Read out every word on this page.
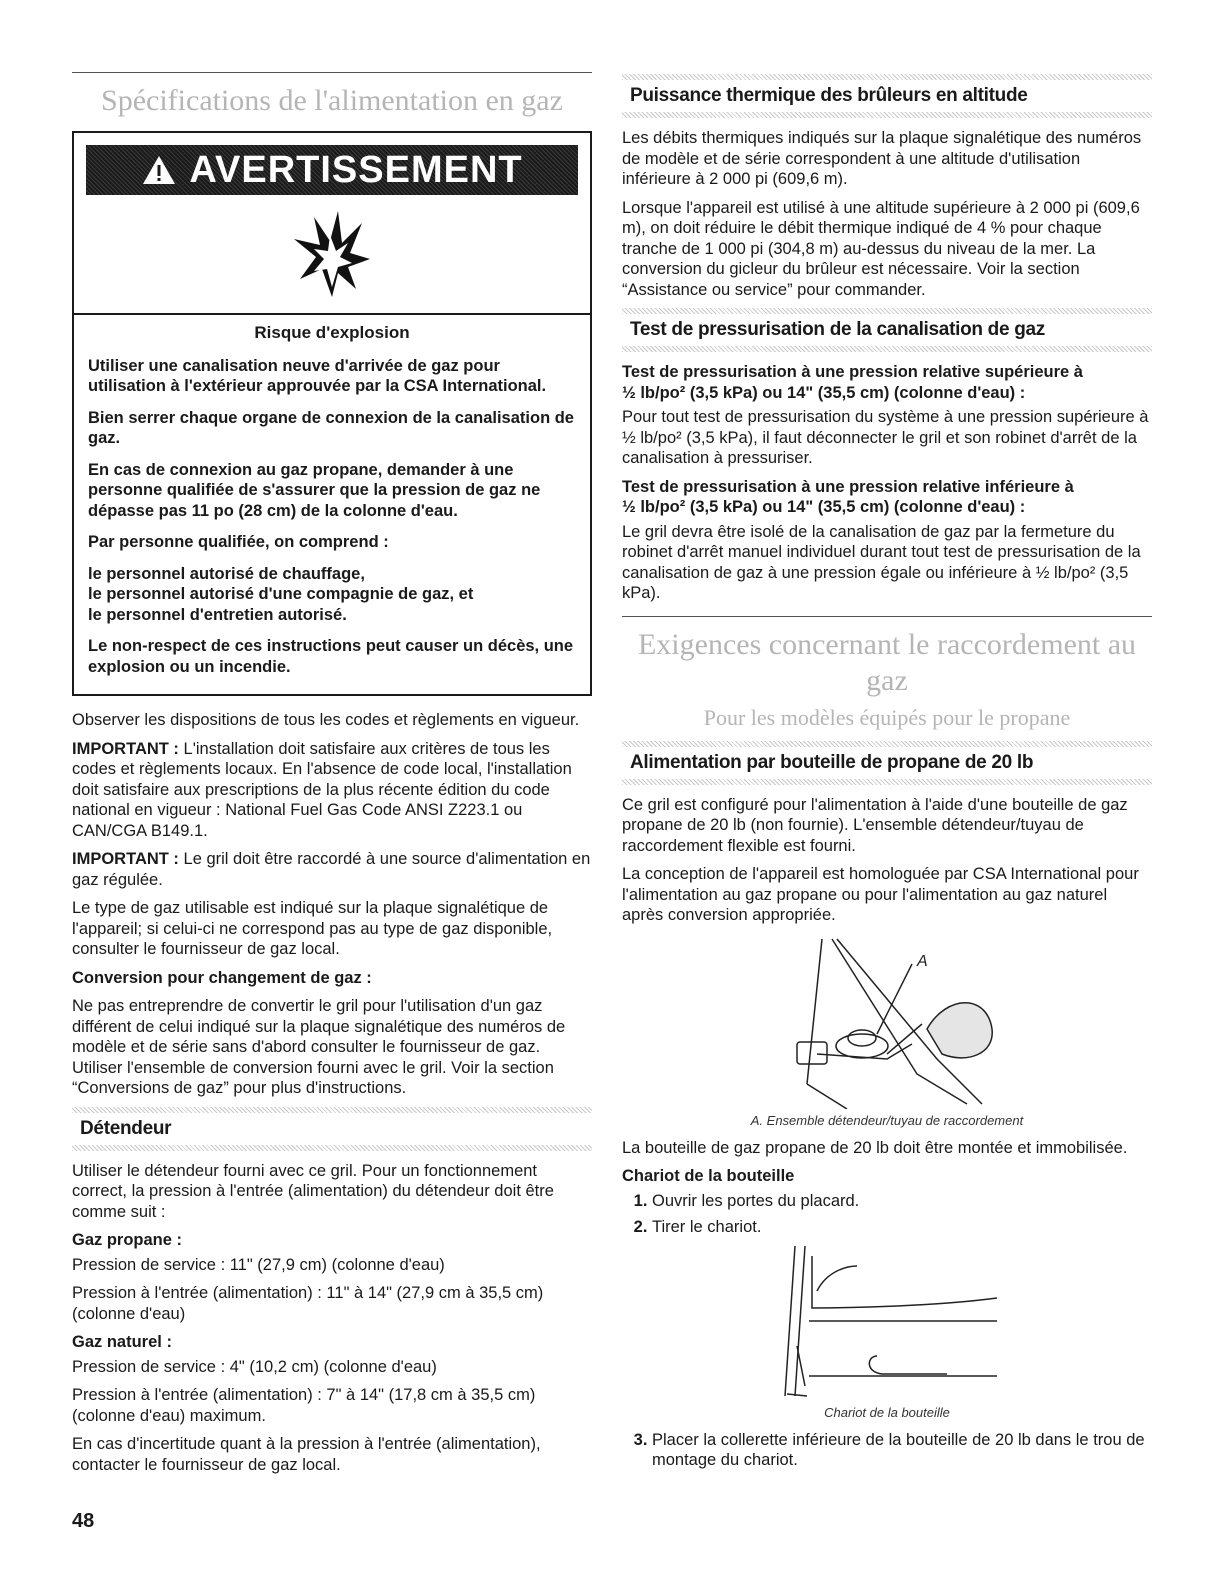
Spécifications de l'alimentation en gaz
AVERTISSEMENT

Risque d'explosion

Utiliser une canalisation neuve d'arrivée de gaz pour utilisation à l'extérieur approuvée par la CSA International.

Bien serrer chaque organe de connexion de la canalisation de gaz.

En cas de connexion au gaz propane, demander à une personne qualifiée de s'assurer que la pression de gaz ne dépasse pas 11 po (28 cm) de la colonne d'eau.

Par personne qualifiée, on comprend :

le personnel autorisé de chauffage,
le personnel autorisé d'une compagnie de gaz, et
le personnel d'entretien autorisé.

Le non-respect de ces instructions peut causer un décès, une explosion ou un incendie.

Observer les dispositions de tous les codes et règlements en vigueur.

IMPORTANT : L'installation doit satisfaire aux critères de tous les codes et règlements locaux. En l'absence de code local, l'installation doit satisfaire aux prescriptions de la plus récente édition du code national en vigueur : National Fuel Gas Code ANSI Z223.1 ou CAN/CGA B149.1.

IMPORTANT : Le gril doit être raccordé à une source d'alimentation en gaz régulée.

Le type de gaz utilisable est indiqué sur la plaque signalétique de l'appareil; si celui-ci ne correspond pas au type de gaz disponible, consulter le fournisseur de gaz local.

Conversion pour changement de gaz :

Ne pas entreprendre de convertir le gril pour l'utilisation d'un gaz différent de celui indiqué sur la plaque signalétique des numéros de modèle et de série sans d'abord consulter le fournisseur de gaz. Utiliser l'ensemble de conversion fourni avec le gril. Voir la section “Conversions de gaz” pour plus d'instructions.

Détendeur

Utiliser le détendeur fourni avec ce gril. Pour un fonctionnement correct, la pression à l'entrée (alimentation) du détendeur doit être comme suit :

Gaz propane :

Pression de service : 11" (27,9 cm) (colonne d'eau)

Pression à l'entrée (alimentation) : 11" à 14" (27,9 cm à 35,5 cm) (colonne d'eau)

Gaz naturel :

Pression de service : 4" (10,2 cm) (colonne d'eau)

Pression à l'entrée (alimentation) : 7" à 14" (17,8 cm à 35,5 cm) (colonne d'eau) maximum.

En cas d'incertitude quant à la pression à l'entrée (alimentation), contacter le fournisseur de gaz local.

48
Puissance thermique des brûleurs en altitude

Les débits thermiques indiqués sur la plaque signalétique des numéros de modèle et de série correspondent à une altitude d'utilisation inférieure à 2 000 pi (609,6 m).

Lorsque l'appareil est utilisé à une altitude supérieure à 2 000 pi (609,6 m), on doit réduire le débit thermique indiqué de 4 % pour chaque tranche de 1 000 pi (304,8 m) au-dessus du niveau de la mer. La conversion du gicleur du brûleur est nécessaire. Voir la section “Assistance ou service” pour commander.

Test de pressurisation de la canalisation de gaz

Test de pressurisation à une pression relative supérieure à
½ lb/po² (3,5 kPa) ou 14" (35,5 cm) (colonne d'eau) :

Pour tout test de pressurisation du système à une pression supérieure à ½ lb/po² (3,5 kPa), il faut déconnecter le gril et son robinet d'arrêt de la canalisation à pressuriser.

Test de pressurisation à une pression relative inférieure à
½ lb/po² (3,5 kPa) ou 14" (35,5 cm) (colonne d'eau) :

Le gril devra être isolé de la canalisation de gaz par la fermeture du robinet d'arrêt manuel individuel durant tout test de pressurisation de la canalisation de gaz à une pression égale ou inférieure à ½ lb/po² (3,5 kPa).

Exigences concernant le raccordement au gaz
Pour les modèles équipés pour le propane
Alimentation par bouteille de propane de 20 lb

Ce gril est configuré pour l'alimentation à l'aide d'une bouteille de gaz propane de 20 lb (non fournie). L'ensemble détendeur/tuyau de raccordement flexible est fourni.

La conception de l'appareil est homologuée par CSA International pour l'alimentation au gaz propane ou pour l'alimentation au gaz naturel après conversion appropriée.

A
A. Ensemble détendeur/tuyau de raccordement

La bouteille de gaz propane de 20 lb doit être montée et immobilisée.

Chariot de la bouteille

1. Ouvrir les portes du placard.
2. Tirer le chariot.
Chariot de la bouteille
3. Placer la collerette inférieure de la bouteille de 20 lb dans le trou de montage du chariot.
